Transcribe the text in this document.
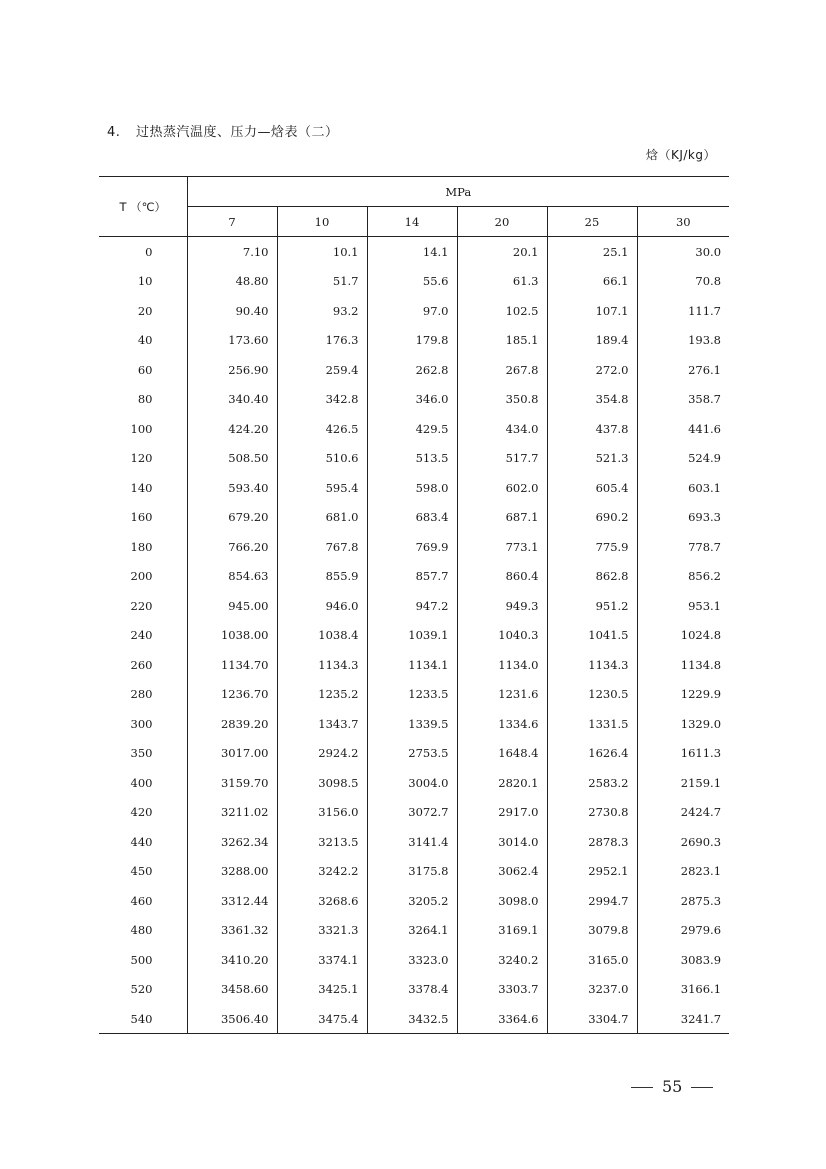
4. 过热蒸汽温度、压力—焓表（二）
焓（KJ/kg）
T （℃）	MPa					
	7	10	14	20	25	30
0	7.10	10.1	14.1	20.1	25.1	30.0
10	48.80	51.7	55.6	61.3	66.1	70.8
20	90.40	93.2	97.0	102.5	107.1	111.7
40	173.60	176.3	179.8	185.1	189.4	193.8
60	256.90	259.4	262.8	267.8	272.0	276.1
80	340.40	342.8	346.0	350.8	354.8	358.7
100	424.20	426.5	429.5	434.0	437.8	441.6
120	508.50	510.6	513.5	517.7	521.3	524.9
140	593.40	595.4	598.0	602.0	605.4	603.1
160	679.20	681.0	683.4	687.1	690.2	693.3
180	766.20	767.8	769.9	773.1	775.9	778.7
200	854.63	855.9	857.7	860.4	862.8	856.2
220	945.00	946.0	947.2	949.3	951.2	953.1
240	1038.00	1038.4	1039.1	1040.3	1041.5	1024.8
260	1134.70	1134.3	1134.1	1134.0	1134.3	1134.8
280	1236.70	1235.2	1233.5	1231.6	1230.5	1229.9
300	2839.20	1343.7	1339.5	1334.6	1331.5	1329.0
350	3017.00	2924.2	2753.5	1648.4	1626.4	1611.3
400	3159.70	3098.5	3004.0	2820.1	2583.2	2159.1
420	3211.02	3156.0	3072.7	2917.0	2730.8	2424.7
440	3262.34	3213.5	3141.4	3014.0	2878.3	2690.3
450	3288.00	3242.2	3175.8	3062.4	2952.1	2823.1
460	3312.44	3268.6	3205.2	3098.0	2994.7	2875.3
480	3361.32	3321.3	3264.1	3169.1	3079.8	2979.6
500	3410.20	3374.1	3323.0	3240.2	3165.0	3083.9
520	3458.60	3425.1	3378.4	3303.7	3237.0	3166.1
540	3506.40	3475.4	3432.5	3364.6	3304.7	3241.7
55
